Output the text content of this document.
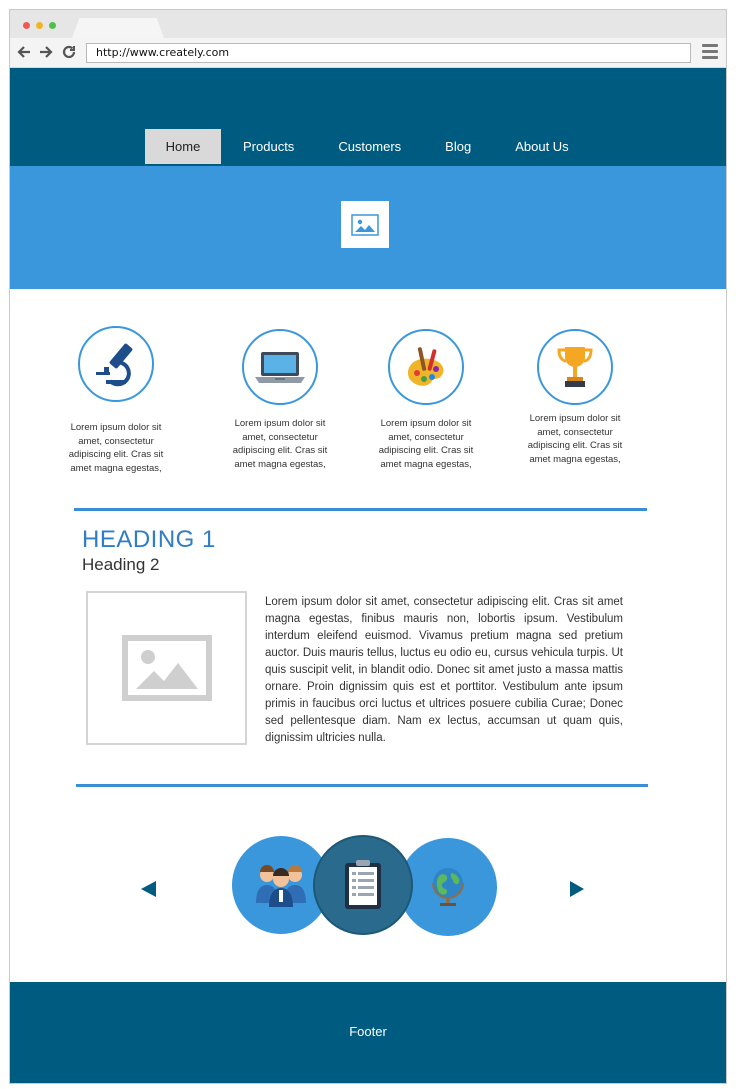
http://www.creately.com
Home	Products	Customers	Blog	About Us
Lorem ipsum dolor sit amet, consectetur adipiscing elit. Cras sit amet magna egestas,
Lorem ipsum dolor sit amet, consectetur adipiscing elit. Cras sit amet magna egestas,
Lorem ipsum dolor sit amet, consectetur adipiscing elit. Cras sit amet magna egestas,
Lorem ipsum dolor sit amet, consectetur adipiscing elit. Cras sit amet magna egestas,
HEADING 1
Heading 2
Lorem ipsum dolor sit amet, consectetur adipiscing elit. Cras sit amet magna egestas, finibus mauris non, lobortis ipsum. Vestibulum interdum eleifend euismod. Vivamus pretium magna sed pretium auctor. Duis mauris tellus, luctus eu odio eu, cursus vehicula turpis. Ut quis suscipit velit, in blandit odio. Donec sit amet justo a massa mattis ornare. Proin dignissim quis est et porttitor. Vestibulum ante ipsum primis in faucibus orci luctus et ultrices posuere cubilia Curae; Donec sed pellentesque diam. Nam ex lectus, accumsan ut quam quis, dignissim ultricies nulla.
Footer
